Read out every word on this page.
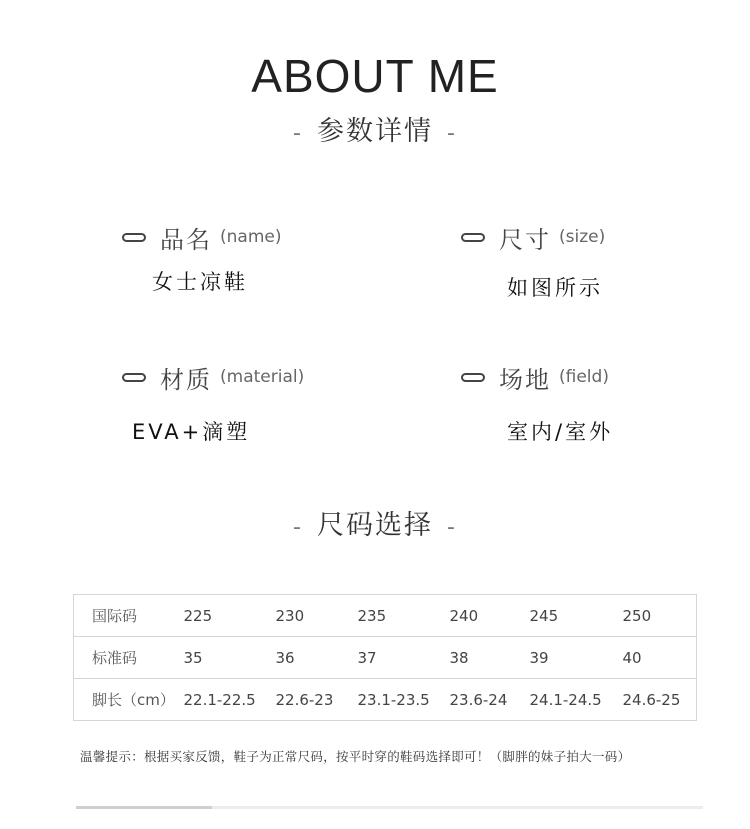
ABOUT ME
- 参数详情 -
品名 (name)
女士凉鞋
尺寸 (size)
如图所示
材质 (material)
EVA+滴塑
场地 (field)
室内/室外
- 尺码选择 -
国际码	225	230	235	240	245	250
标准码	35	36	37	38	39	40
脚长（cm）	22.1-22.5	22.6-23	23.1-23.5	23.6-24	24.1-24.5	24.6-25
温馨提示：根据买家反馈，鞋子为正常尺码，按平时穿的鞋码选择即可！（脚胖的妹子拍大一码）
